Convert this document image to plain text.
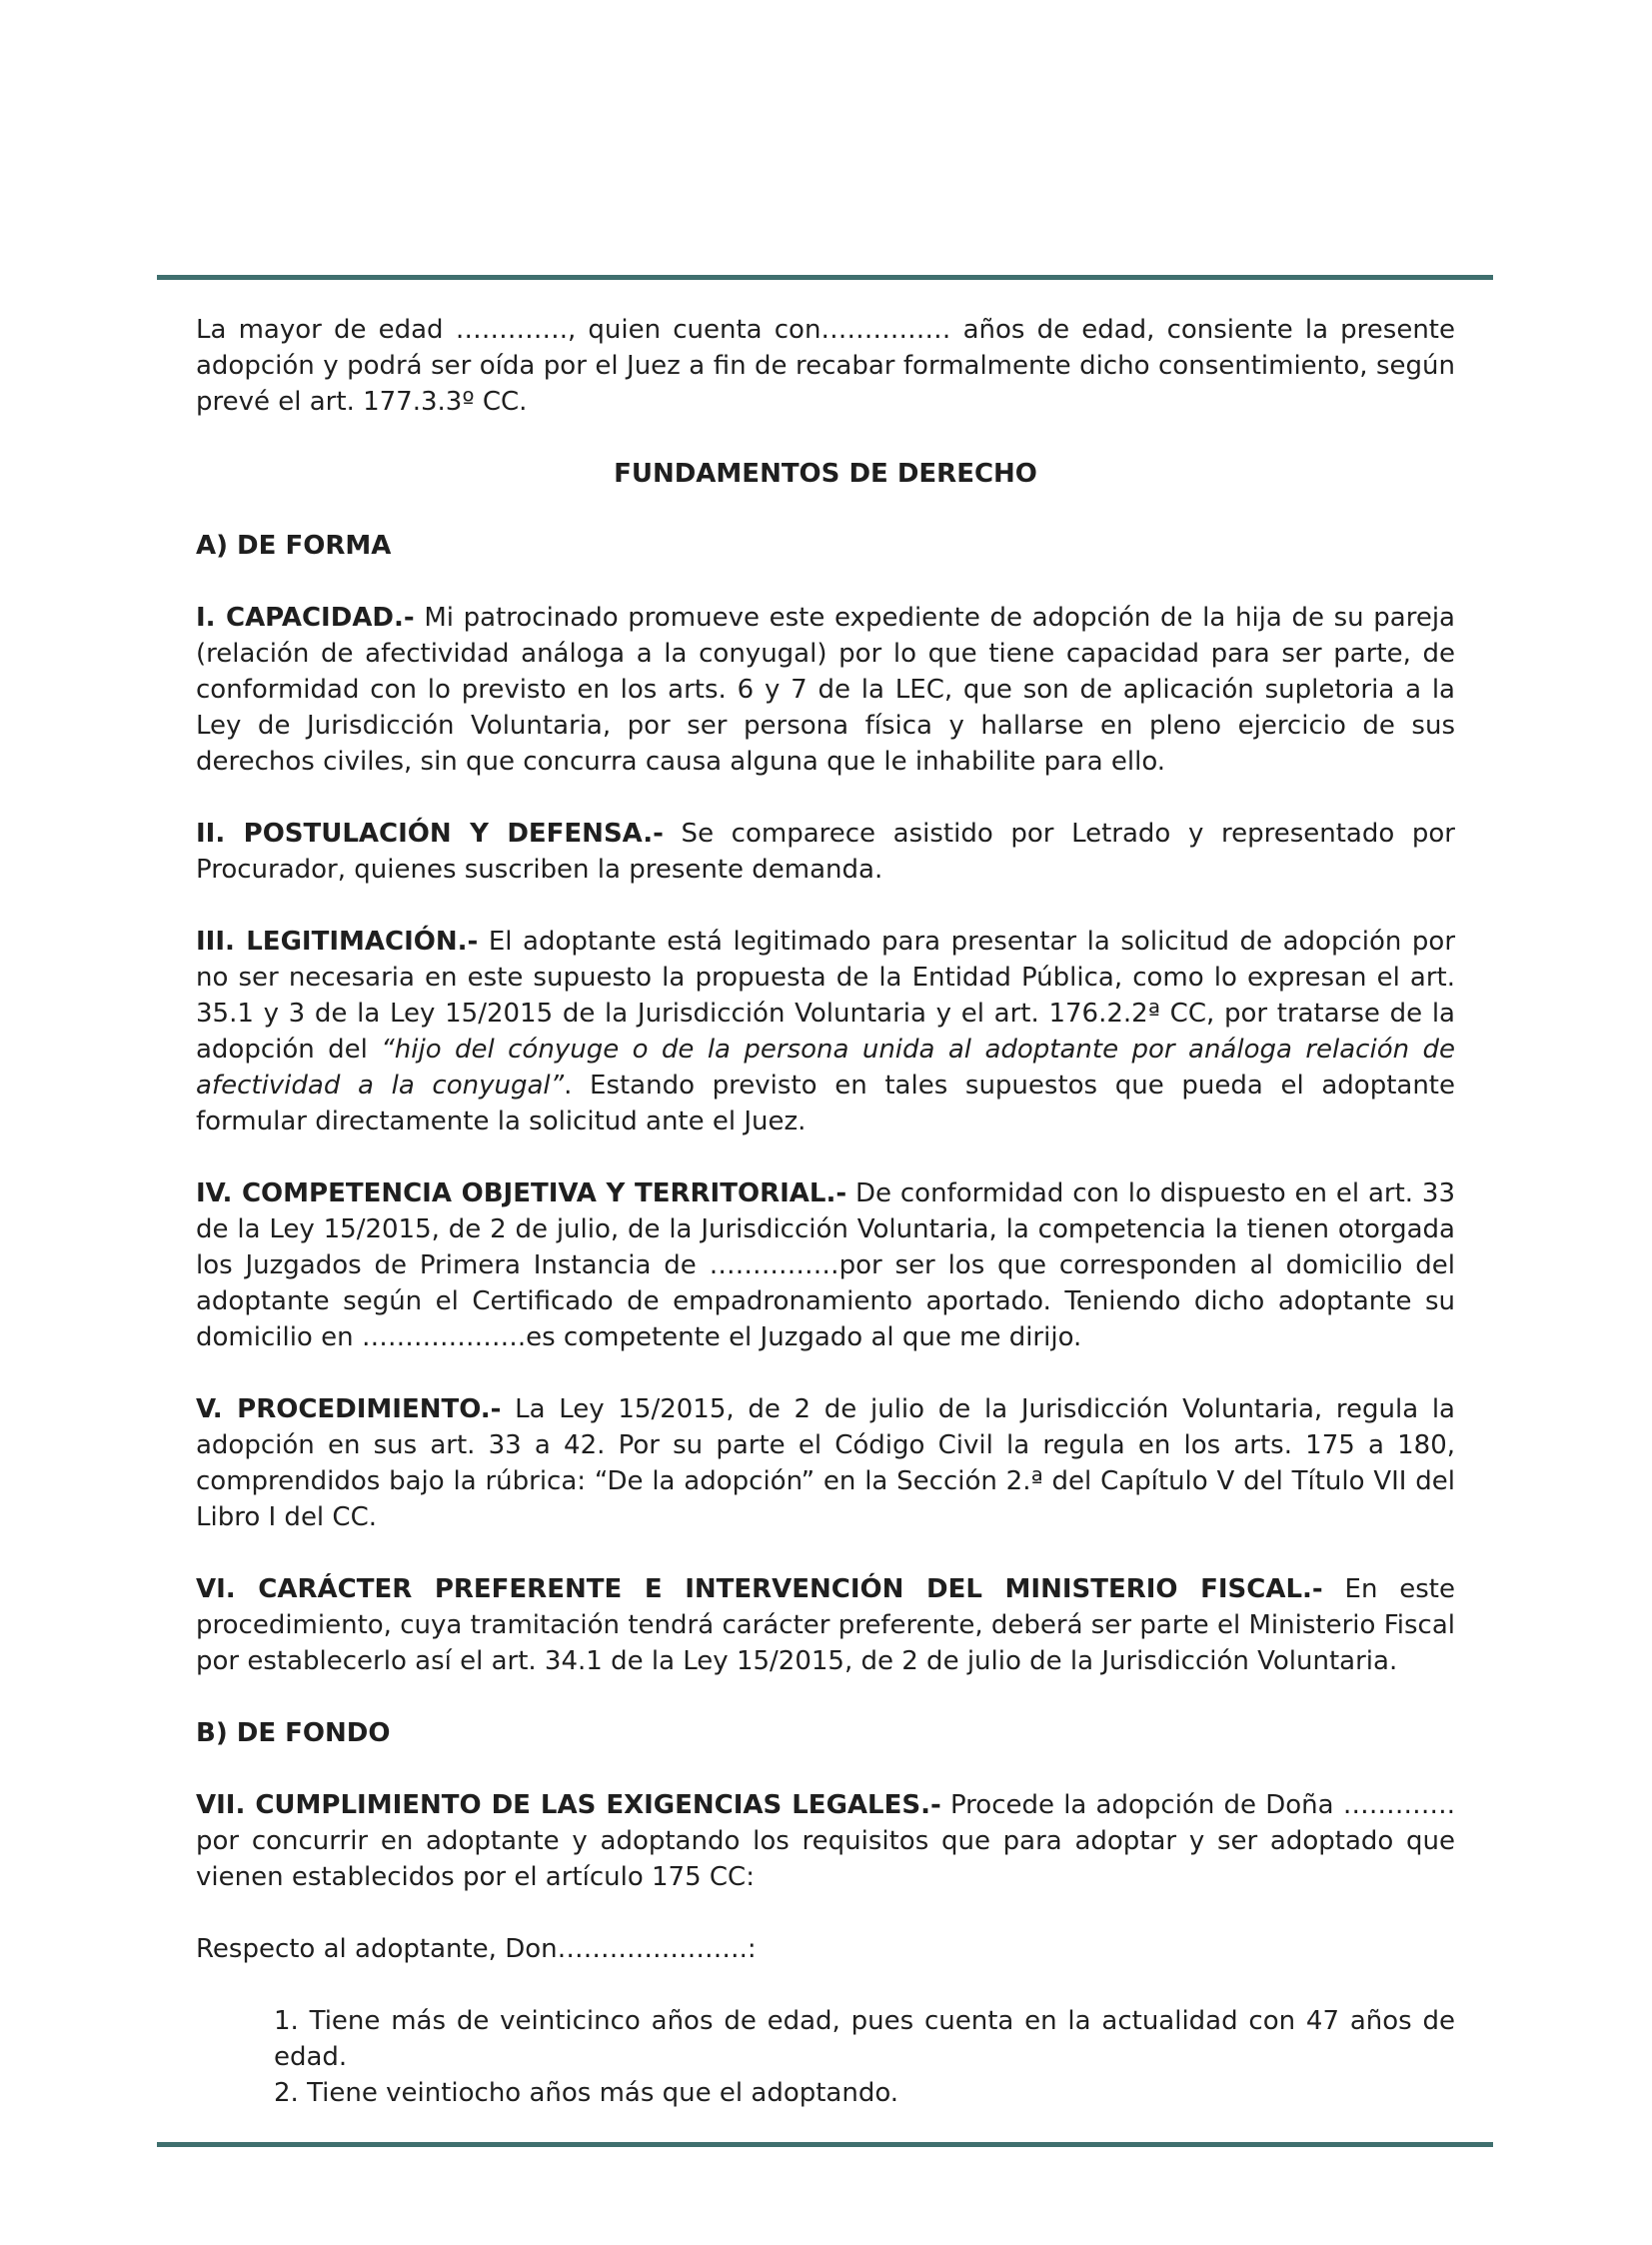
La mayor de edad …………., quien cuenta con…………… años de edad, consiente la presente adopción y podrá ser oída por el Juez a fin de recabar formalmente dicho consentimiento, según prevé el art. 177.3.3º CC.

FUNDAMENTOS DE DERECHO

A) DE FORMA

I. CAPACIDAD.- Mi patrocinado promueve este expediente de adopción de la hija de su pareja (relación de afectividad análoga a la conyugal) por lo que tiene capacidad para ser parte, de conformidad con lo previsto en los arts. 6 y 7 de la LEC, que son de aplicación supletoria a la Ley de Jurisdicción Voluntaria, por ser persona física y hallarse en pleno ejercicio de sus derechos civiles, sin que concurra causa alguna que le inhabilite para ello.

II. POSTULACIÓN Y DEFENSA.- Se comparece asistido por Letrado y representado por Procurador, quienes suscriben la presente demanda.

III. LEGITIMACIÓN.- El adoptante está legitimado para presentar la solicitud de adopción por no ser necesaria en este supuesto la propuesta de la Entidad Pública, como lo expresan el art. 35.1 y 3 de la Ley 15/2015 de la Jurisdicción Voluntaria y el art. 176.2.2ª CC, por tratarse de la adopción del “hijo del cónyuge o de la persona unida al adoptante por análoga relación de afectividad a la conyugal”. Estando previsto en tales supuestos que pueda el adoptante formular directamente la solicitud ante el Juez.

IV. COMPETENCIA OBJETIVA Y TERRITORIAL.- De conformidad con lo dispuesto en el art. 33 de la Ley 15/2015, de 2 de julio, de la Jurisdicción Voluntaria, la competencia la tienen otorgada los Juzgados de Primera Instancia de ……………por ser los que corresponden al domicilio del adoptante según el Certificado de empadronamiento aportado. Teniendo dicho adoptante su domicilio en ……………….es competente el Juzgado al que me dirijo.

V. PROCEDIMIENTO.- La Ley 15/2015, de 2 de julio de la Jurisdicción Voluntaria, regula la adopción en sus art. 33 a 42. Por su parte el Código Civil la regula en los arts. 175 a 180, comprendidos bajo la rúbrica: “De la adopción” en la Sección 2.ª del Capítulo V del Título VII del Libro I del CC.

VI. CARÁCTER PREFERENTE E INTERVENCIÓN DEL MINISTERIO FISCAL.- En este procedimiento, cuya tramitación tendrá carácter preferente, deberá ser parte el Ministerio Fiscal por establecerlo así el art. 34.1 de la Ley 15/2015, de 2 de julio de la Jurisdicción Voluntaria.

B) DE FONDO

VII. CUMPLIMIENTO DE LAS EXIGENCIAS LEGALES.- Procede la adopción de Doña …………. por concurrir en adoptante y adoptando los requisitos que para adoptar y ser adoptado que vienen establecidos por el artículo 175 CC:

Respecto al adoptante, Don………………….:

1. Tiene más de veinticinco años de edad, pues cuenta en la actualidad con 47 años de edad.
2. Tiene veintiocho años más que el adoptando.
